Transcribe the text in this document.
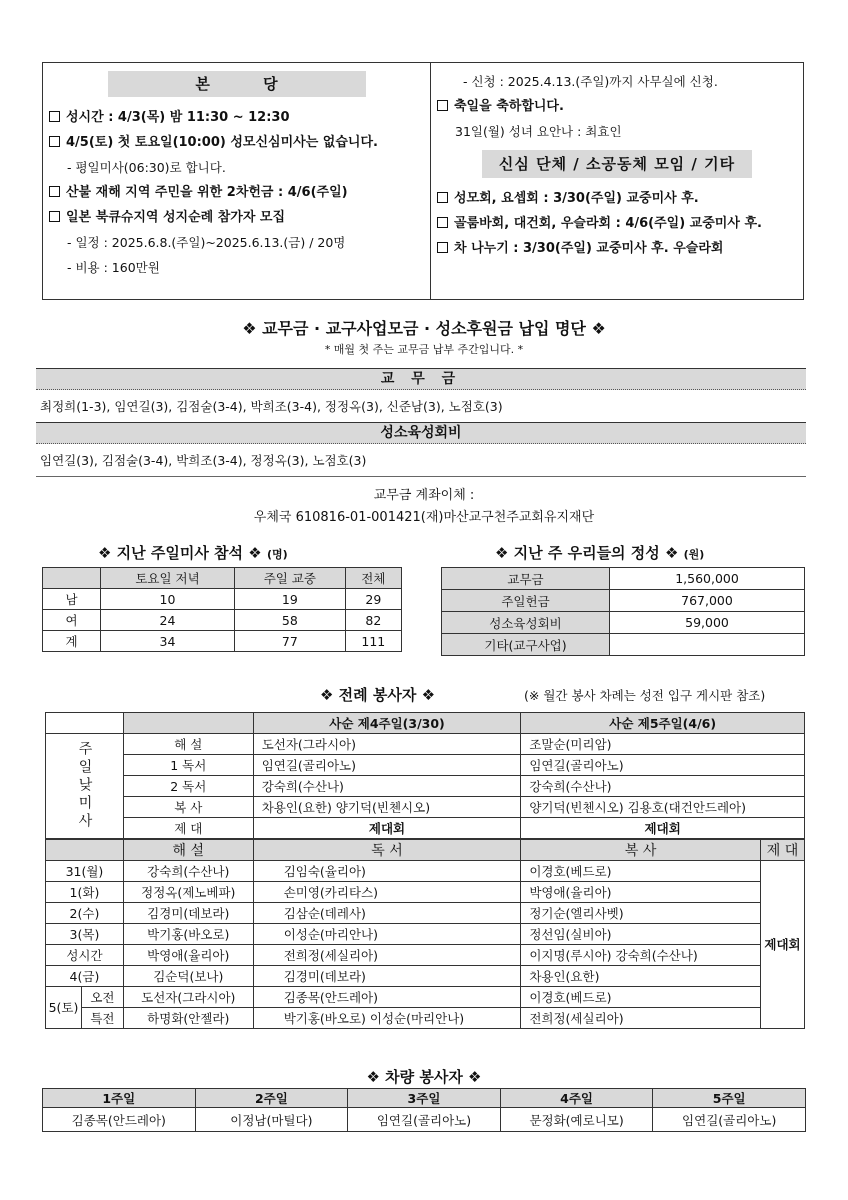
본 당
성시간 : 4/3(목) 밤 11:30 ~ 12:30
4/5(토) 첫 토요일(10:00) 성모신심미사는 없습니다.
- 평일미사(06:30)로 합니다.
산불 재해 지역 주민을 위한 2차헌금 : 4/6(주일)
일본 북큐슈지역 성지순례 참가자 모집
- 일정 : 2025.6.8.(주일)~2025.6.13.(금) / 20명
- 비용 : 160만원
- 신청 : 2025.4.13.(주일)까지 사무실에 신청.
축일을 축하합니다.
31일(월) 성녀 요안나 : 최효인
신심 단체 / 소공동체 모임 / 기타
성모회, 요셉회 : 3/30(주일) 교중미사 후.
골룸바회, 대건회, 우슬라회 : 4/6(주일) 교중미사 후.
차 나누기 : 3/30(주일) 교중미사 후. 우슬라회
❖ 교무금 · 교구사업모금 · 성소후원금 납입 명단 ❖
* 매월 첫 주는 교무금 납부 주간입니다. *
교 무 금
최정희(1-3), 임연길(3), 김점술(3-4), 박희조(3-4), 정정옥(3), 신준남(3), 노점호(3)
성소육성회비
임연길(3), 김점술(3-4), 박희조(3-4), 정정옥(3), 노점호(3)
교무금 계좌이체 :
우체국 610816-01-001421(재)마산교구천주교회유지재단
❖ 지난 주일미사 참석 ❖ (명)
	토요일 저녁	주일 교중	전체
남	10	19	29
여	24	58	82
계	34	77	111
❖ 지난 주 우리들의 정성 ❖ (원)
교무금	1,560,000
주일헌금	767,000
성소육성회비	59,000
기타(교구사업)	
❖ 전례 봉사자 ❖	(※ 월간 봉사 차례는 성전 입구 게시판 참조)
			사순 제4주일(3/30)	사순 제5주일(4/6)	
주일낮미사		해 설	도선자(그라시아)	조말순(미리암)	
		1 독서	임연길(골리아노)	임연길(골리아노)	
		2 독서	강숙희(수산나)	강숙희(수산나)	
		복 사	차용인(요한) 양기덕(빈첸시오)	양기덕(빈첸시오) 김용호(대건안드레아)	
		제 대	제대회	제대회	
		해 설	독 서	복 사	제 대
31(월)		강숙희(수산나)	김임숙(율리아)	이경호(베드로)	제대회
1(화)		정정옥(제노베파)	손미영(카리타스)	박영애(율리아)	
2(수)		김경미(데보라)	김삼순(데레사)	정기순(엘리사벳)	
3(목)		박기홍(바오로)	이성순(마리안나)	정선임(실비아)	
성시간		박영애(율리아)	전희정(세실리아)	이지명(루시아) 강숙희(수산나)	
4(금)		김순덕(보나)	김경미(데보라)	차용인(요한)	
5(토)	오전	도선자(그라시아)	김종목(안드레아)	이경호(베드로)	
	특전	하명화(안젤라)	박기홍(바오로) 이성순(마리안나)	전희정(세실리아)	
❖ 차량 봉사자 ❖
1주일	2주일	3주일	4주일	5주일
김종목(안드레아)	이정남(마틸다)	임연길(골리아노)	문정화(예로니모)	임연길(골리아노)
